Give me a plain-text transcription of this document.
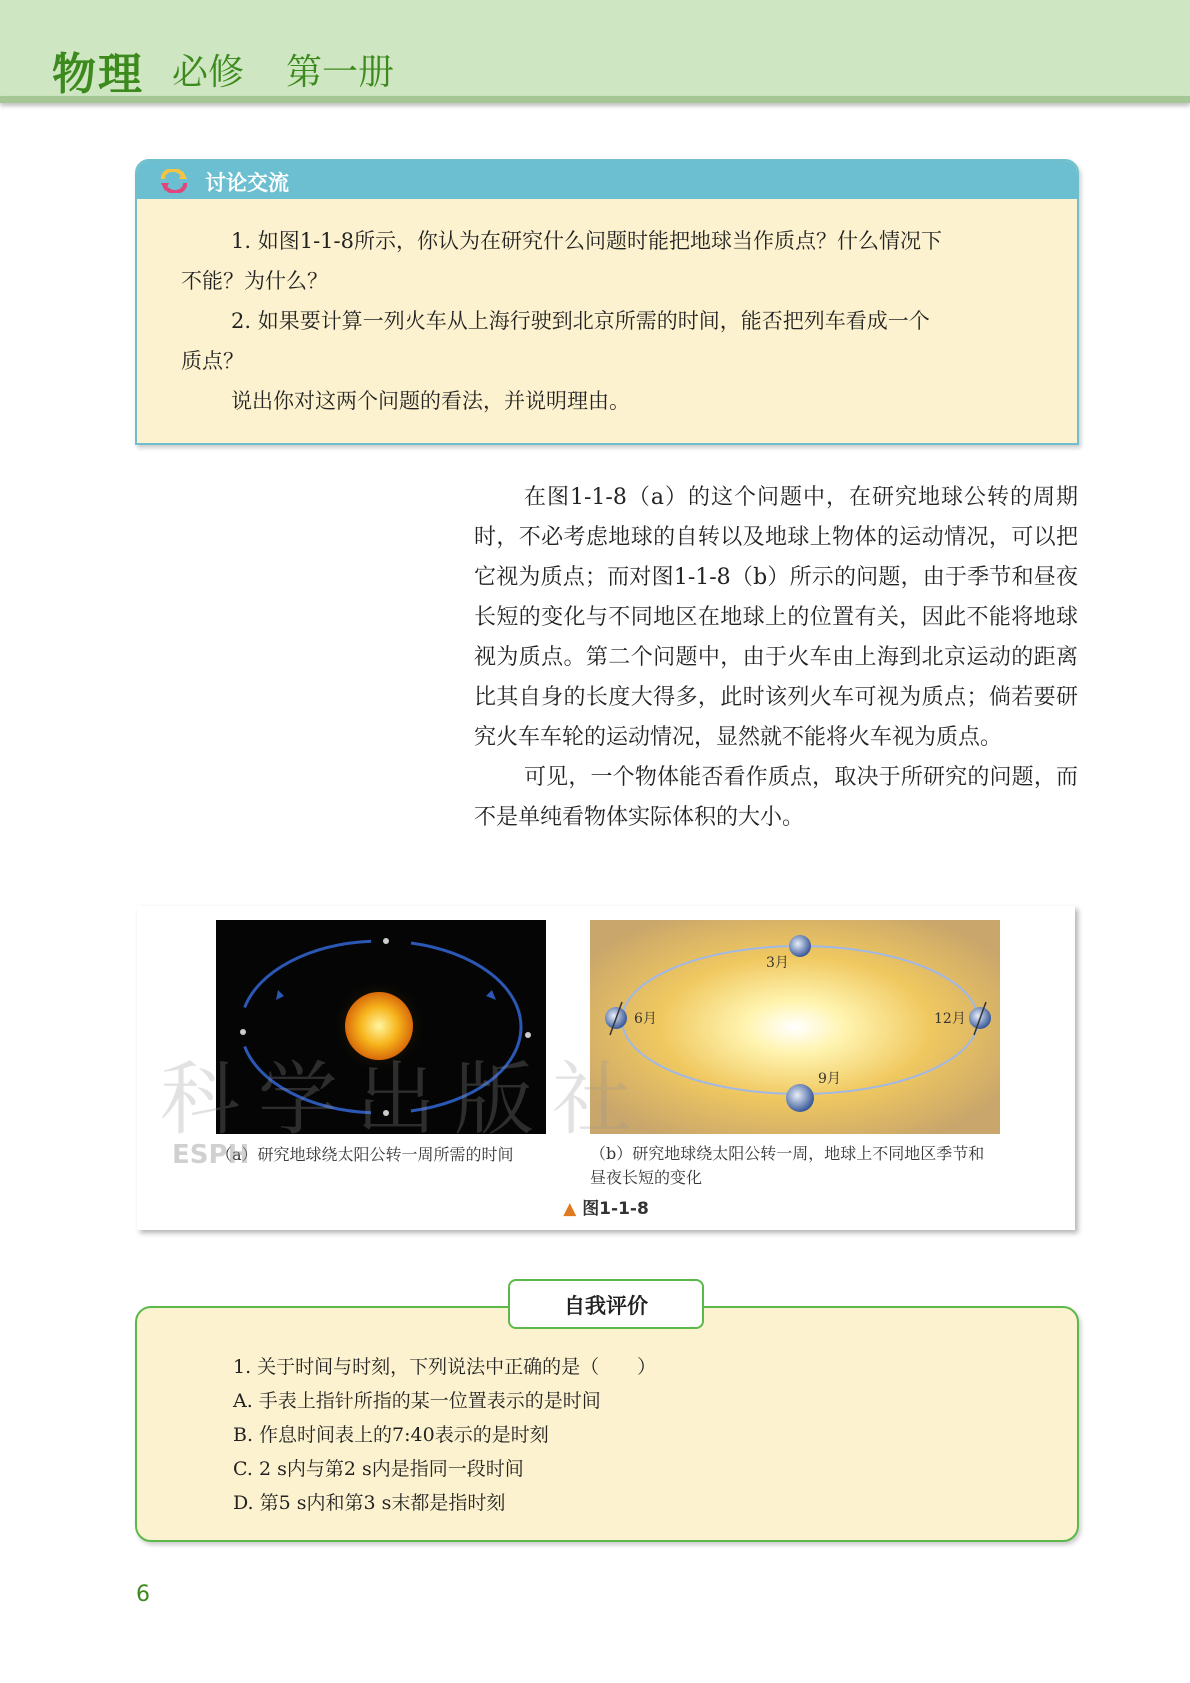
物理 必修 第一册
讨论交流

1. 如图1-1-8所示，你认为在研究什么问题时能把地球当作质点？什么情况下

不能？为什么？

2. 如果要计算一列火车从上海行驶到北京所需的时间，能否把列车看成一个

质点？

说出你对这两个问题的看法，并说明理由。

在图1-1-8（a）的这个问题中，在研究地球公转的周期时，不必考虑地球的自转以及地球上物体的运动情况，可以把它视为质点；而对图1-1-8（b）所示的问题，由于季节和昼夜长短的变化与不同地区在地球上的位置有关，因此不能将地球视为质点。第二个问题中，由于火车由上海到北京运动的距离比其自身的长度大得多，此时该列火车可视为质点；倘若要研究火车车轮的运动情况，显然就不能将火车视为质点。

可见，一个物体能否看作质点，取决于所研究的问题，而不是单纯看物体实际体积的大小。

3月
6月	12月
9月
（a）研究地球绕太阳公转一周所需的时间	（b）研究地球绕太阳公转一周，地球上不同地区季节和昼夜长短的变化
▲ 图1-1-8
科学出版社
ESPH

1. 关于时间与时刻，下列说法中正确的是（　　）

A. 手表上指针所指的某一位置表示的是时间

B. 作息时间表上的7:40表示的是时刻

C. 2 s内与第2 s内是指同一段时间

D. 第5 s内和第3 s末都是指时刻

自我评价
6
